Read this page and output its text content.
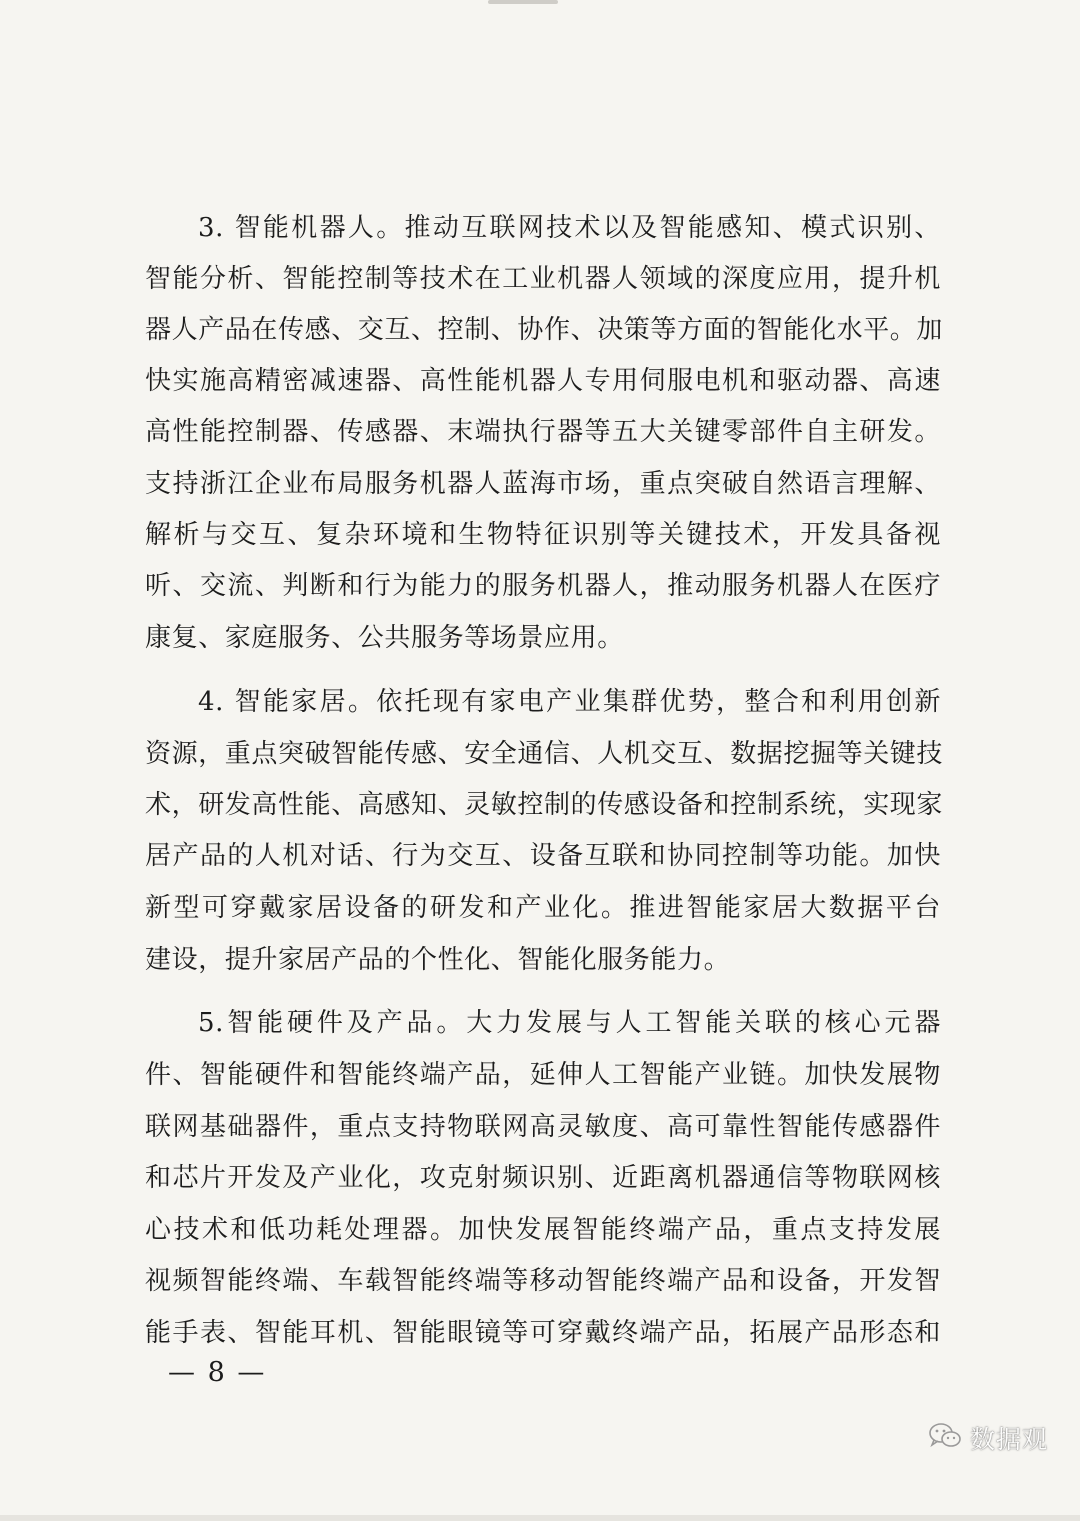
3. 智能机器人。推动互联网技术以及智能感知、模式识别、
智能分析、智能控制等技术在工业机器人领域的深度应用，提升机
器人产品在传感、交互、控制、协作、决策等方面的智能化水平。加
快实施高精密减速器、高性能机器人专用伺服电机和驱动器、高速
高性能控制器、传感器、末端执行器等五大关键零部件自主研发。
支持浙江企业布局服务机器人蓝海市场，重点突破自然语言理解、
解析与交互、复杂环境和生物特征识别等关键技术，开发具备视
听、交流、判断和行为能力的服务机器人，推动服务机器人在医疗
康复、家庭服务、公共服务等场景应用。
4. 智能家居。依托现有家电产业集群优势，整合和利用创新
资源，重点突破智能传感、安全通信、人机交互、数据挖掘等关键技
术，研发高性能、高感知、灵敏控制的传感设备和控制系统，实现家
居产品的人机对话、行为交互、设备互联和协同控制等功能。加快
新型可穿戴家居设备的研发和产业化。推进智能家居大数据平台
建设，提升家居产品的个性化、智能化服务能力。
5.智能硬件及产品。大力发展与人工智能关联的核心元器
件、智能硬件和智能终端产品，延伸人工智能产业链。加快发展物
联网基础器件，重点支持物联网高灵敏度、高可靠性智能传感器件
和芯片开发及产业化，攻克射频识别、近距离机器通信等物联网核
心技术和低功耗处理器。加快发展智能终端产品，重点支持发展
视频智能终端、车载智能终端等移动智能终端产品和设备，开发智
能手表、智能耳机、智能眼镜等可穿戴终端产品，拓展产品形态和
— 8 —
数据观
